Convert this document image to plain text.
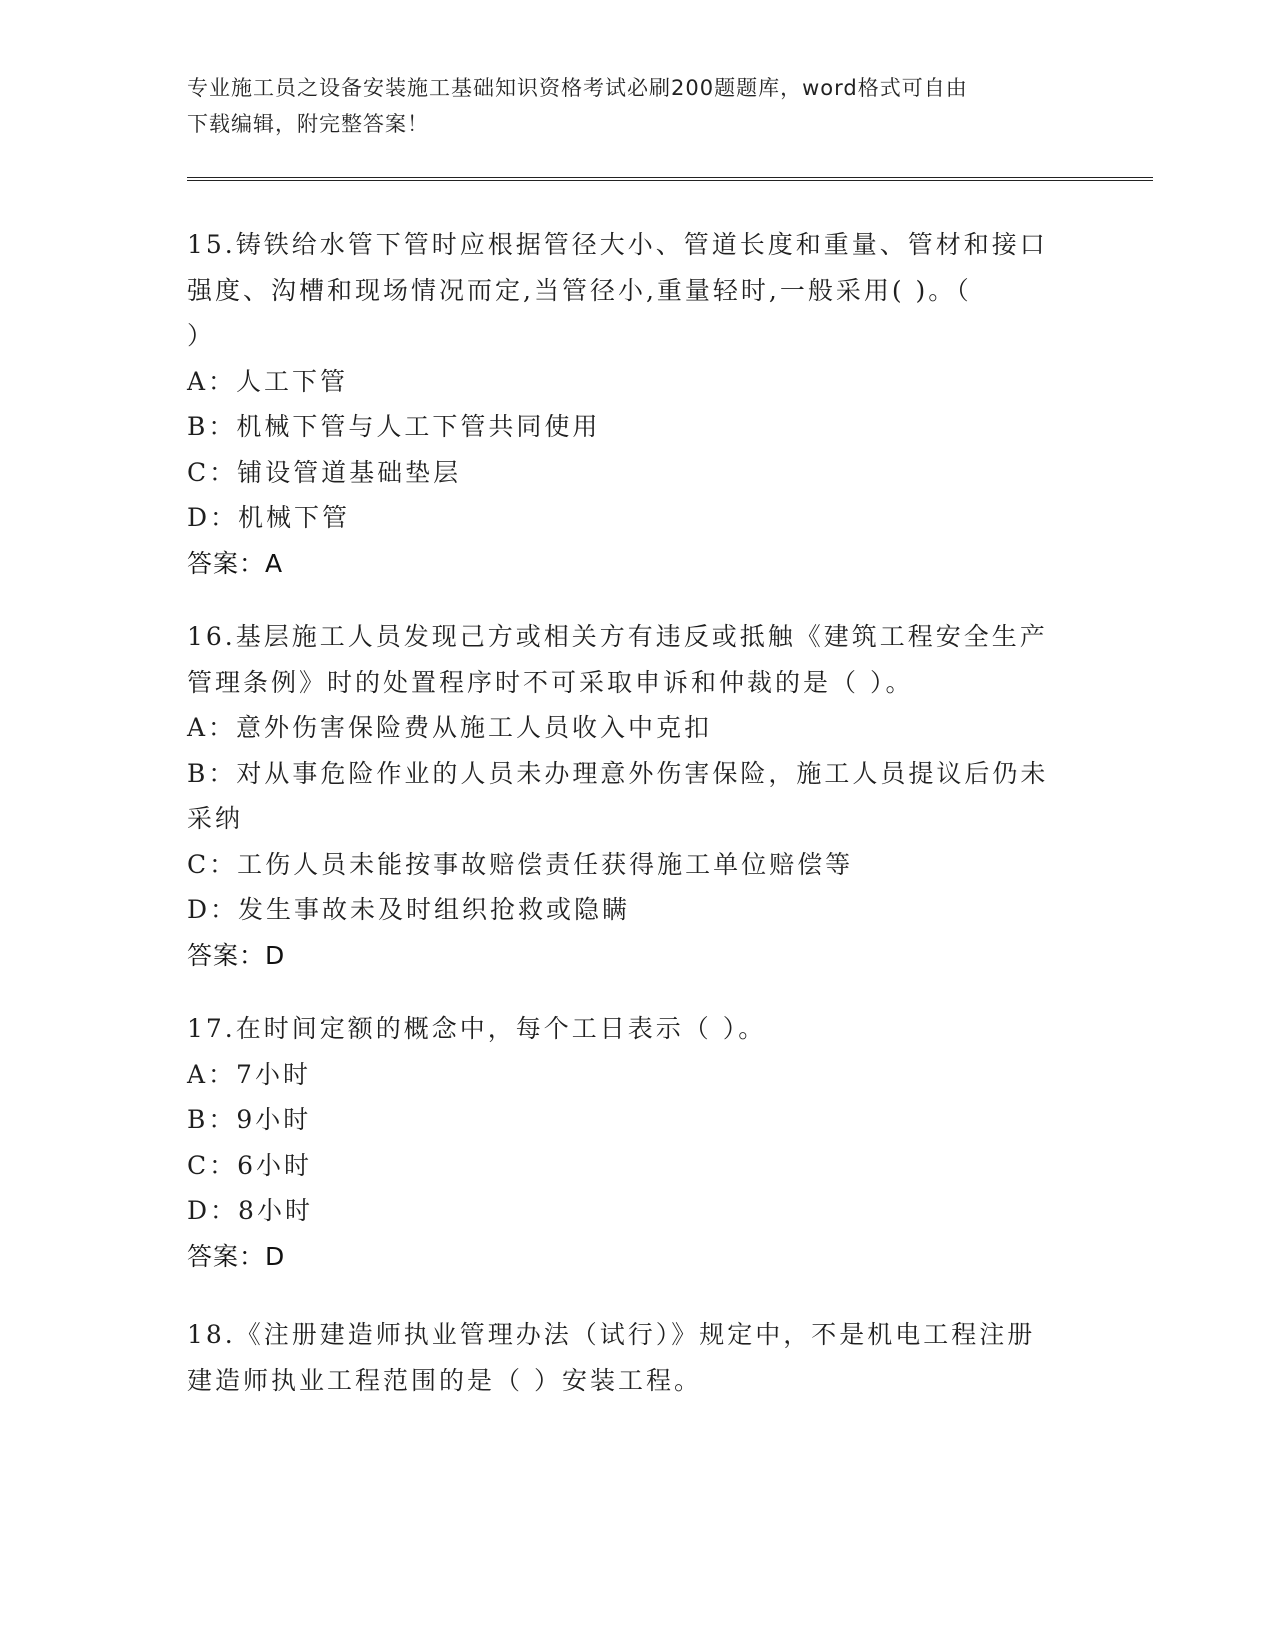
专业施工员之设备安装施工基础知识资格考试必刷200题题库，word格式可自由
下载编辑，附完整答案！
15.铸铁给水管下管时应根据管径大小、管道长度和重量、管材和接口
强度、沟槽和现场情况而定,当管径小,重量轻时,一般采用( )。（
）
A：人工下管
B：机械下管与人工下管共同使用
C：铺设管道基础垫层
D：机械下管
答案：A
16.基层施工人员发现己方或相关方有违反或抵触《建筑工程安全生产
管理条例》时的处置程序时不可采取申诉和仲裁的是（ ）。
A：意外伤害保险费从施工人员收入中克扣
B：对从事危险作业的人员未办理意外伤害保险，施工人员提议后仍未
采纳
C：工伤人员未能按事故赔偿责任获得施工单位赔偿等
D：发生事故未及时组织抢救或隐瞒
答案：D
17.在时间定额的概念中，每个工日表示（ ）。
A：7小时
B：9小时
C：6小时
D：8小时
答案：D
18.《注册建造师执业管理办法（试行）》规定中，不是机电工程注册
建造师执业工程范围的是（ ）安装工程。
